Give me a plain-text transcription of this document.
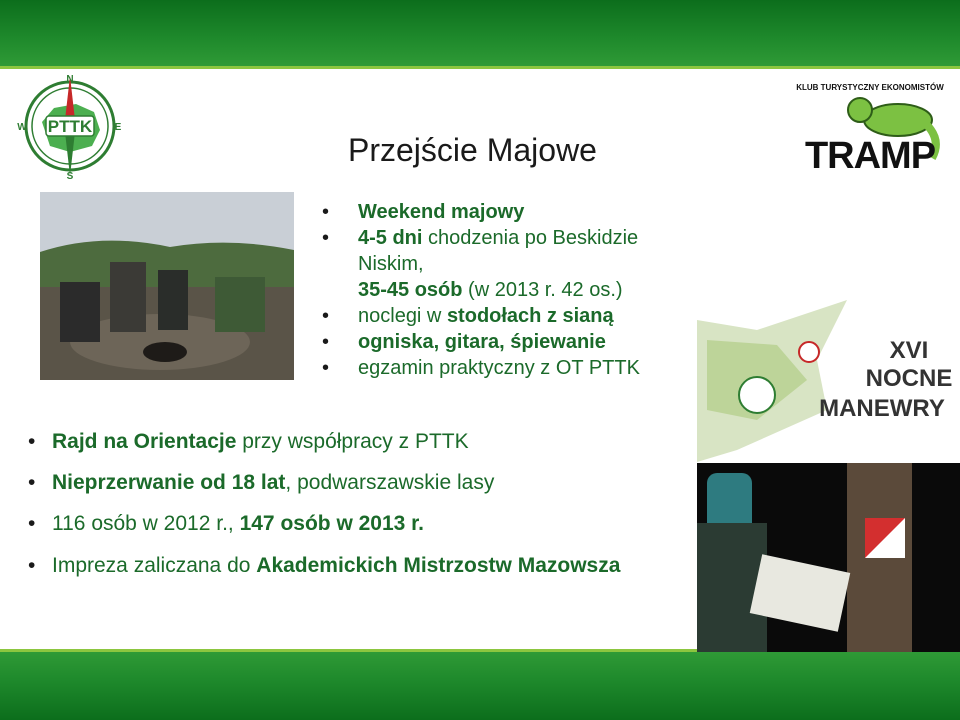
PTTK
N
S
W	E
KLUB TURYSTYCZNY EKONOMISTÓW
TRAMP
XVI
NOCNE
MANEWRY
Przejście Majowe
• Weekend majowy
• 4-5 dni chodzenia po Beskidzie Niskim,
35-45 osób (w 2013 r. 42 os.)
• noclegi w stodołach z sianą
• ogniska, gitara, śpiewanie
• egzamin praktyczny z OT PTTK
• Rajd na Orientacje przy współpracy z PTTK
• Nieprzerwanie od 18 lat, podwarszawskie lasy
• 116 osób w 2012 r., 147 osób w 2013 r.
• Impreza zaliczana do Akademickich Mistrzostw Mazowsza
